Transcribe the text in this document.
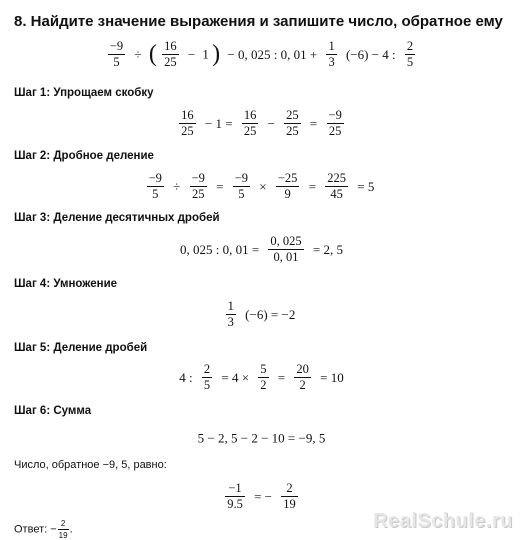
8. Найдите значение выражения и запишите число, обратное ему
$\frac{-9}{5}$ ÷ ( $\frac{16}{25} - 1$ ) − 0, 025 : 0, $01 + \frac{1}{3} (-6) - 4$ : $\frac{2}{5}$
Шаг 1: Упрощаем скобку
$\frac{16}{25} - 1 = \frac{16}{25} - \frac{25}{25} = \frac{-9}{25}$
Шаг 2: Дробное деление
$\frac{-9}{5} \div \frac{-9}{25} = \frac{-9}{5} \times \frac{-25}{9} = \frac{225}{45} = 5$
Шаг 3: Деление десятичных дробей
0, 025 : 0, $01 = \frac{0, 025}{0, 01} = 2$, 5
Шаг 4: Умножение
$\frac{1}{3} (-6) = -2$
Шаг 5: Деление дробей
4 : $\frac{2}{5} = 4 \times \frac{5}{2} = \frac{20}{2} = 10$
Шаг 6: Сумма
5 − 2, 5 − 2 − 10 = −9, 5
Число, обратное −9, 5, равно:
$\frac{-1}{9.5}$ = − $\frac{2}{19}$
Ответ: − $\frac{2}{19}$ .	RealSchule.ru
